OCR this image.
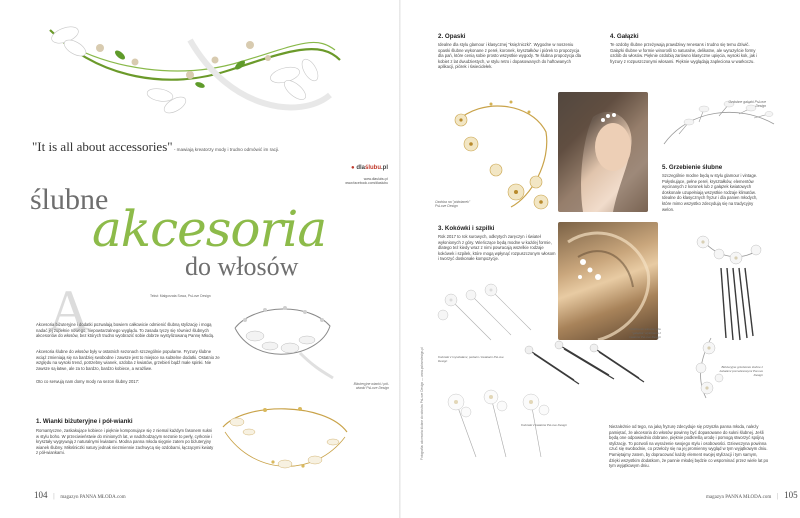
"It is all about accessories" - mawiają kreatorzy mody i trudno odmówić im racji.
● dlaślubu.pl
www.dlaslubu.pl
www.facebook.com/dlaslubu
ślubne
akcesoria
do włosów
A	Tekst: Małgorzata Sowa, PsLove Design

Akcesoria biżuteryjne i dodatki pozwalają bowiem całkowicie odmienić ślubną stylizację i mogą nadać jej zupełnie nowego, niepowtarzalnego wyglądu. To zasada tyczy się również ślubnych akcesoriów do włosów, bez których trudno wyobrazić sobie dobrze wystylizowaną Pannę Młodą.

Akcesoria ślubne do włosów były w ostatnich sezonach szczególnie popularne. Fryzury ślubne wciąż zmieniają się na bardziej swobodne i zawsze jest to miejsce na subtelne dodatki. Ostatnio ze względu na wysoki trend, potrzebny wianek, ozdoba z kwiatów, grzebień bądź małe spinki. Nie zawsze są łatwe, ale za to bardzo, bardzo kobiece, a wrażliwe.

Oto co serwują nam domy mody na sezon ślubny 2017:	Biżuteryjne wianki i pół-wianki PsLove Design
1. Wianki biżuteryjne i pół-wianki

Romantyczne, zaskakujące kobiece i pięknie komponujące się z niemal każdym fasonem sukni w stylu boho. W przeciwieństwie do minionych lat, w nadchodzącym sezonie to perły, cyrkonie i kryształy wygrywają z naturalnymi kwiatami. Modna panna młoda sięgnie zatem po biżuteryjny wianek ślubny. Miłośniczki natury jednak niezmiennie zachwycą się ozdobami, łączącymi kwiaty z pół-wiankami.

104 | magazyn PANNA MŁODA.com
2. Opaski

Idealne dla stylu glamour i klasycznej "księżniczki". Wygodne w noszeniu opaski ślubne wykonane z pereł, koronek, kryształków i piórek to propozycja dla pań, które cenią sobie prosto wszystkie wygody. Te ślubna propozycja dla kobiet z lat dwudziestych, w stylu retro i dopasowanych do haftowanych aplikacji, piórek i świecidełek.

4. Gałązki

Te ozdoby ślubne przeżywają prawdziwy renesans i trudno się temu dziwić. Gałązki ślubne w formie winorośli to naturalne, delikatne, ale wyrazyście formy ozdób do włosów. Pięknie ozdobią zarówno klasyczne upięcia, wysoki kok, jak i fryzury z rozpuszczonymi włosami. Pięknie wyglądają zapleciona w warkoczu.

Ozdoba na "półwianek" PsLove Design
Ozdobne gałązki PsLove Design
5. Grzebienie ślubne

Szczególnie modne będą w stylu glamour i vintage. Połyskujące, pełne pereł, kryształków, elementów wycinanych z koronek lub z gałązek kwiatowych doskonale uzupełniają wszystkie rodzaje klimatów. Idealne do klasycznych fryzur i dla panien młodych, które mimo wszystko zdecydują się na tradycyjny welon.

3. Kokówki i szpilki

Rok 2017 to rok surowych, odkrytych zaręczyn i świateł wyłonionych z góry. Wieńczące będą modne w każdej formie, dlatego też kiedy wraz z nimi powracają wszelkie rodzaje kokówek i szpilek, które mogą wpłynąć rozpuszczonym włosom i tworzyć doskonałe kompozycje.

Ozdoba do włosów typu "gałązka" wykonana z kwiatów PsLove Design
Kokówki z kryształami, perłami i kwiatami PsLove Design
Kokówki z kwiatów PsLove Design
Biżuteryjne grzebienie ślubne z kwiatami porcelanowymi PsLove Design
Fotografia: akcesoria ślubne do włosów PsLove Design — www.pslovedesign.pl	Niezależnie od tego, na jaką fryzurę zdecyduje się przyszła panna młoda, należy pamiętać, że akcesoria do włosów powinny być dopasowane do sukni ślubnej. Jeśli będą one odpowiednio dobrane, pięknie podkreślą urodę i pomogą stworzyć spójną stylizację. To pozwoli na wyrażenie swojego stylu i osobowości. Dziewczyna powinna czuć się swobodnie, co przełoży się na jej promienny wygląd w tym wyjątkowym dniu. Pamiętajmy zatem, by dopracować każdy element swojej stylizacji i tym samym, dzięki wszystkim dodatkom, że pannie młodej będzie co wspominać przez wiele lat po tym wyjątkowym dniu.

magazyn PANNA MŁODA.com | 105
